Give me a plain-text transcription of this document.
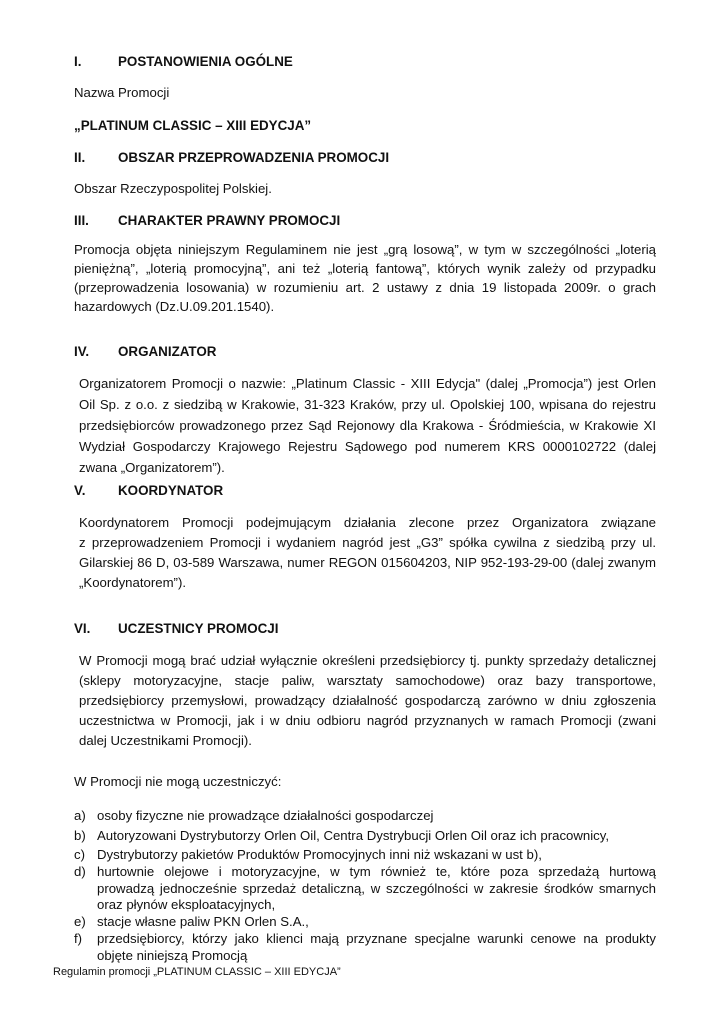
I.	POSTANOWIENIA OGÓLNE
Nazwa Promocji
„PLATINUM CLASSIC – XIII EDYCJA”
II. OBSZAR PRZEPROWADZENIA PROMOCJI
Obszar Rzeczypospolitej Polskiej.
III. CHARAKTER PRAWNY PROMOCJI
Promocja objęta niniejszym Regulaminem nie jest „grą losową”, w tym w szczególności „loterią
pieniężną”, „loterią promocyjną”, ani też „loterią fantową”, których wynik zależy od przypadku
(przeprowadzenia losowania) w rozumieniu art. 2 ustawy z dnia 19 listopada 2009r. o grach
hazardowych (Dz.U.09.201.1540).
IV. ORGANIZATOR
Organizatorem Promocji o nazwie: „Platinum Classic - XIII Edycja" (dalej „Promocja”) jest Orlen
Oil Sp. z o.o. z siedzibą w Krakowie, 31-323 Kraków, przy ul. Opolskiej 100, wpisana do rejestru
przedsiębiorców prowadzonego przez Sąd Rejonowy dla Krakowa - Śródmieścia, w Krakowie XI
Wydział Gospodarczy Krajowego Rejestru Sądowego pod numerem KRS 0000102722 (dalej
zwana „Organizatorem”).
V. KOORDYNATOR
Koordynatorem Promocji podejmującym działania zlecone przez Organizatora związane
z przeprowadzeniem Promocji i wydaniem nagród jest „G3” spółka cywilna z siedzibą przy ul.
Gilarskiej 86 D, 03-589 Warszawa, numer REGON 015604203, NIP 952-193-29-00 (dalej zwanym
„Koordynatorem”).
VI. UCZESTNICY PROMOCJI
W Promocji mogą brać udział wyłącznie określeni przedsiębiorcy tj. punkty sprzedaży detalicznej
(sklepy motoryzacyjne, stacje paliw, warsztaty samochodowe) oraz bazy transportowe,
przedsiębiorcy przemysłowi, prowadzący działalność gospodarczą zarówno w dniu zgłoszenia
uczestnictwa w Promocji, jak i w dniu odbioru nagród przyznanych w ramach Promocji (zwani
dalej Uczestnikami Promocji).
W Promocji nie mogą uczestniczyć:
a) osoby fizyczne nie prowadzące działalności gospodarczej
b) Autoryzowani Dystrybutorzy Orlen Oil, Centra Dystrybucji Orlen Oil oraz ich pracownicy,
c) Dystrybutorzy pakietów Produktów Promocyjnych inni niż wskazani w ust b),
d) hurtownie olejowe i motoryzacyjne, w tym również te, które poza sprzedażą hurtową
prowadzą jednocześnie sprzedaż detaliczną, w szczególności w zakresie środków smarnych
oraz płynów eksploatacyjnych,
e) stacje własne paliw PKN Orlen S.A.,
f) przedsiębiorcy, którzy jako klienci mają przyznane specjalne warunki cenowe na produkty
objęte niniejszą Promocją
Regulamin promocji „PLATINUM CLASSIC – XIII EDYCJA”
